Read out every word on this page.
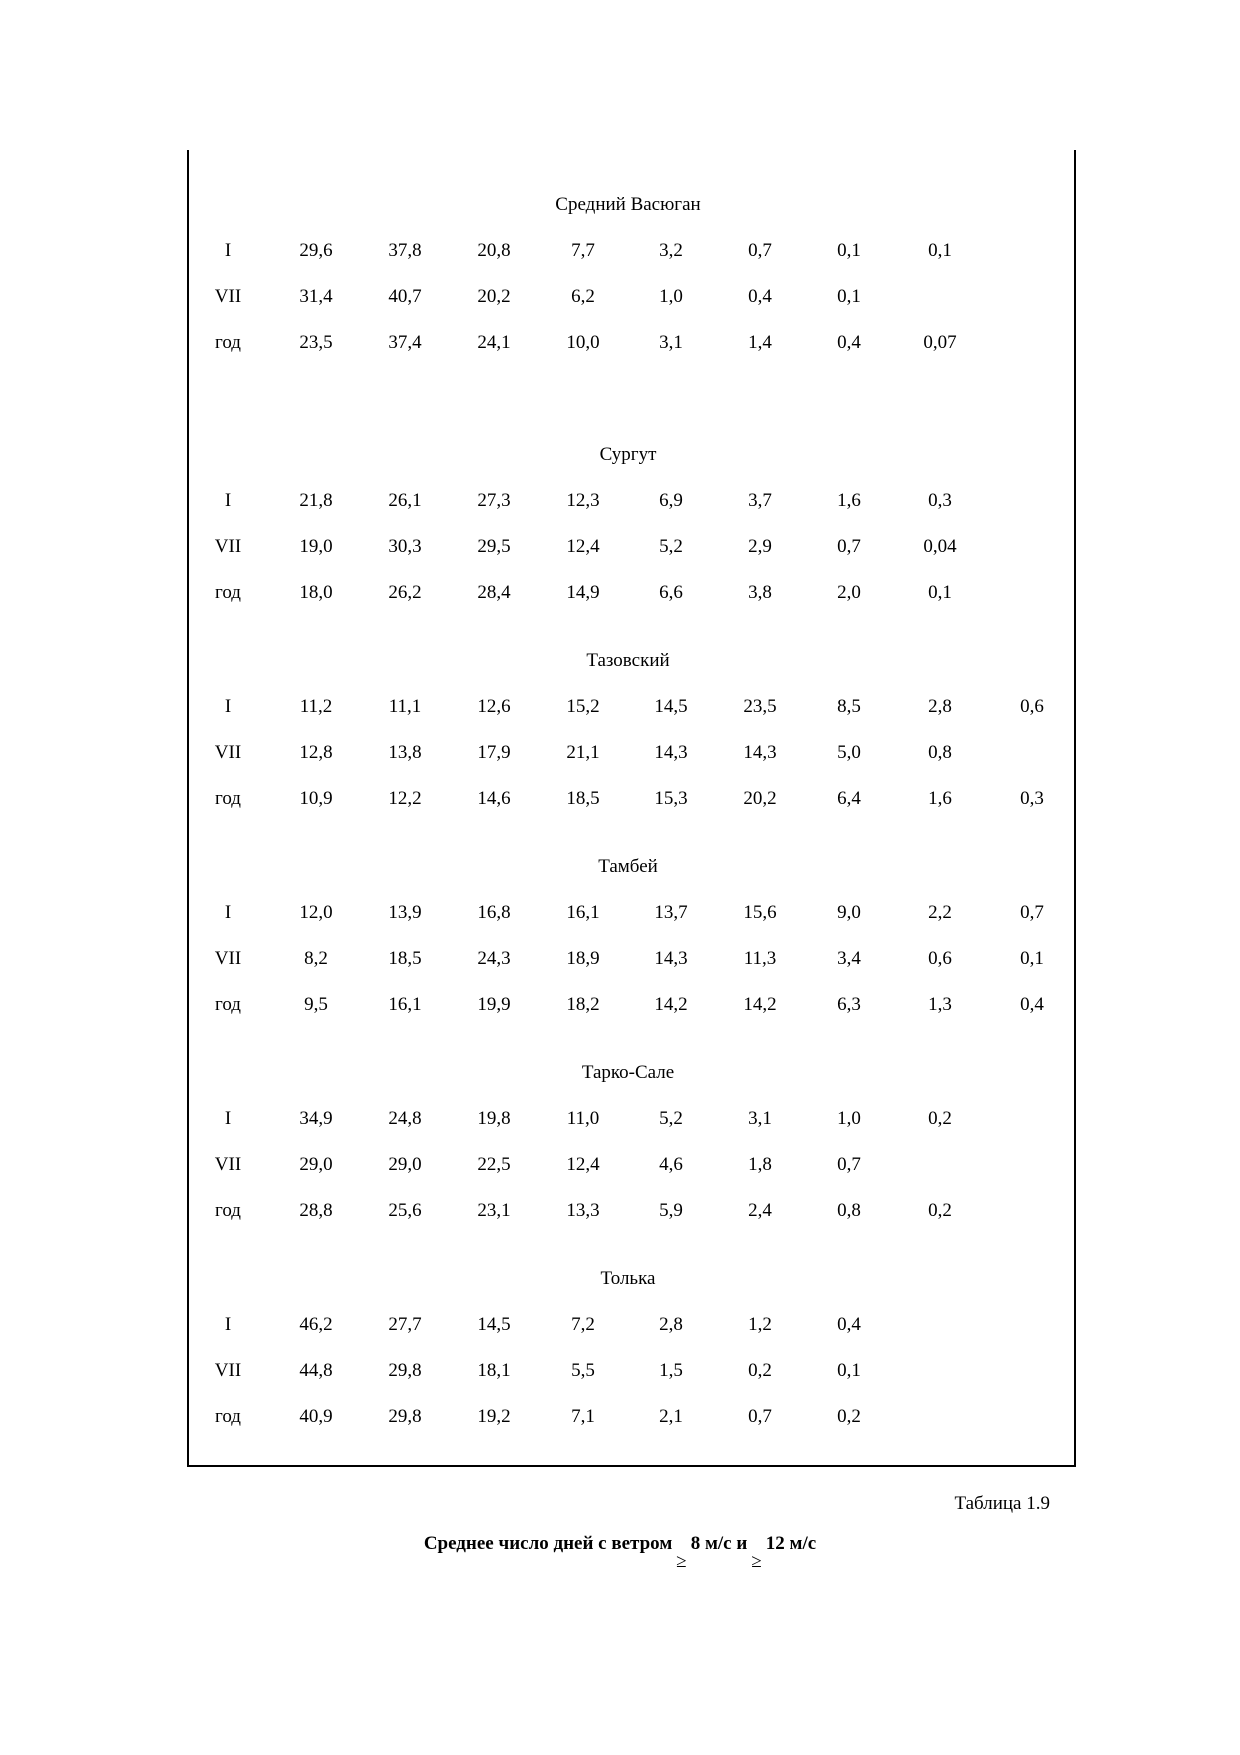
Средний Васюган
I	29,6	37,8	20,8	7,7	3,2	0,7	0,1	0,1
VII	31,4	40,7	20,2	6,2	1,0	0,4	0,1
год	23,5	37,4	24,1	10,0	3,1	1,4	0,4	0,07
Сургут
I	21,8	26,1	27,3	12,3	6,9	3,7	1,6	0,3
VII	19,0	30,3	29,5	12,4	5,2	2,9	0,7	0,04
год	18,0	26,2	28,4	14,9	6,6	3,8	2,0	0,1
Тазовский
I	11,2	11,1	12,6	15,2	14,5	23,5	8,5	2,8	0,6
VII	12,8	13,8	17,9	21,1	14,3	14,3	5,0	0,8
год	10,9	12,2	14,6	18,5	15,3	20,2	6,4	1,6	0,3
Тамбей
I	12,0	13,9	16,8	16,1	13,7	15,6	9,0	2,2	0,7
VII	8,2	18,5	24,3	18,9	14,3	11,3	3,4	0,6	0,1
год	9,5	16,1	19,9	18,2	14,2	14,2	6,3	1,3	0,4
Тарко-Сале
I	34,9	24,8	19,8	11,0	5,2	3,1	1,0	0,2
VII	29,0	29,0	22,5	12,4	4,6	1,8	0,7
год	28,8	25,6	23,1	13,3	5,9	2,4	0,8	0,2
Толька
I	46,2	27,7	14,5	7,2	2,8	1,2	0,4
VII	44,8	29,8	18,1	5,5	1,5	0,2	0,1
год	40,9	29,8	19,2	7,1	2,1	0,7	0,2
Таблица 1.9
Среднее число дней с ветром≥8 м/с и≥12 м/с
